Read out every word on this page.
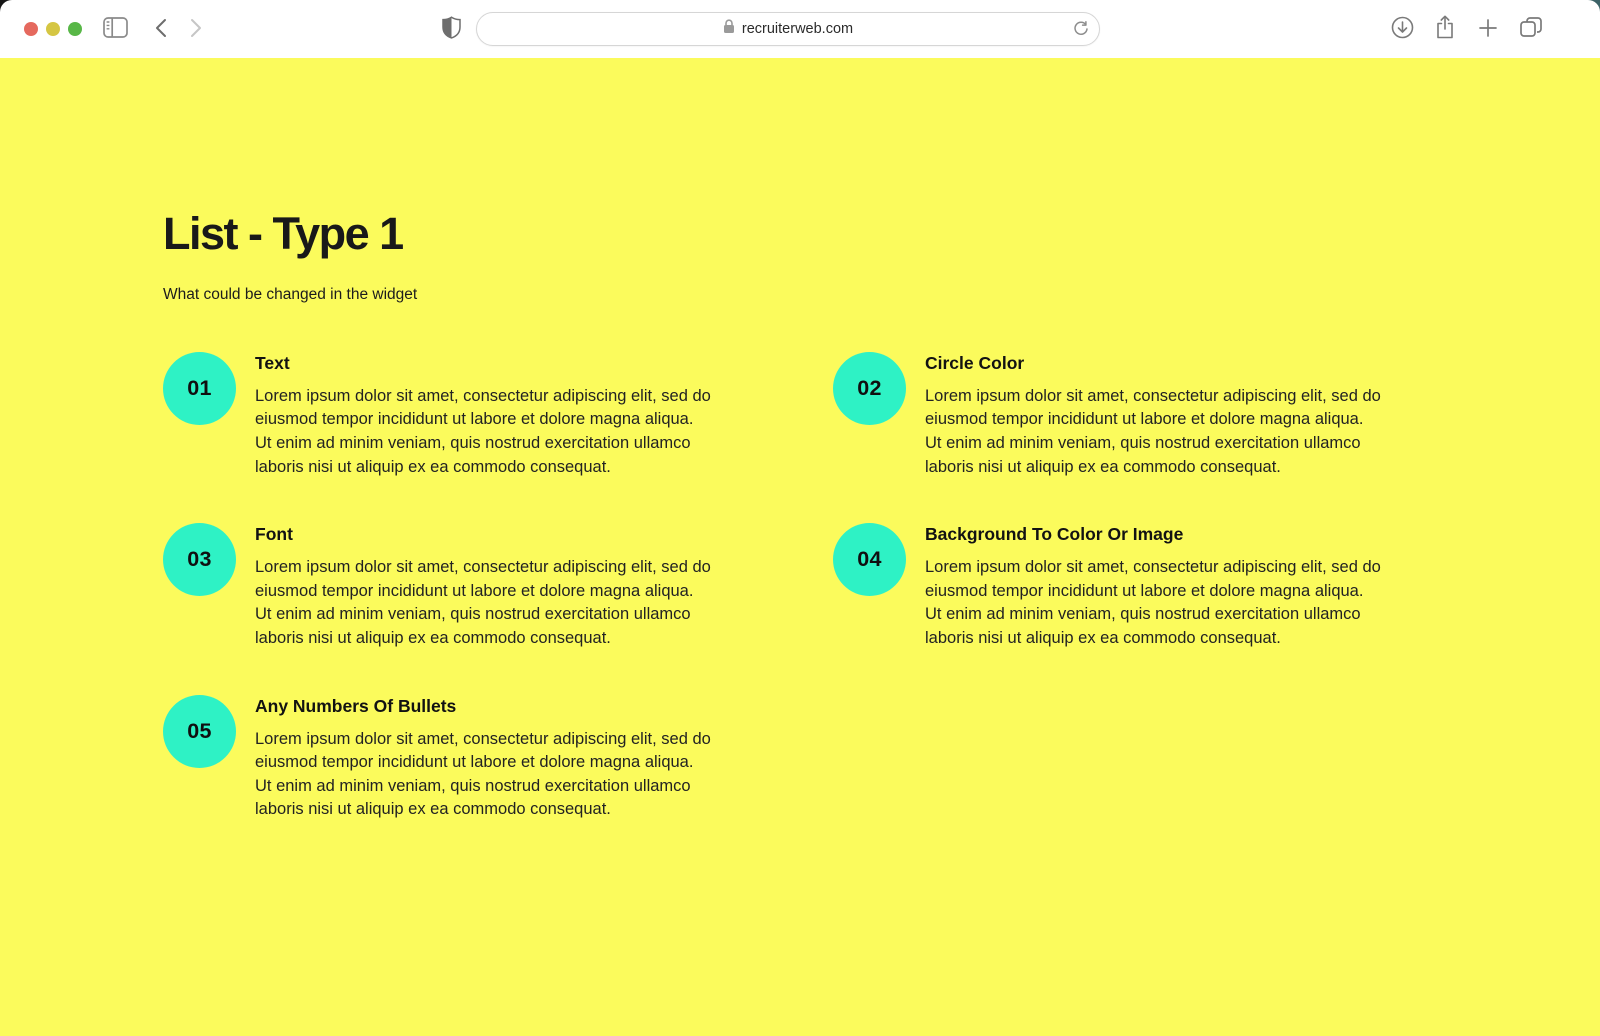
recruiterweb.com
List - Type 1

What could be changed in the widget

01
Text

Lorem ipsum dolor sit amet, consectetur adipiscing elit, sed do eiusmod tempor incididunt ut labore et dolore magna aliqua. Ut enim ad minim veniam, quis nostrud exercitation ullamco laboris nisi ut aliquip ex ea commodo consequat.

02
Circle Color

Lorem ipsum dolor sit amet, consectetur adipiscing elit, sed do eiusmod tempor incididunt ut labore et dolore magna aliqua. Ut enim ad minim veniam, quis nostrud exercitation ullamco laboris nisi ut aliquip ex ea commodo consequat.

03
Font

Lorem ipsum dolor sit amet, consectetur adipiscing elit, sed do eiusmod tempor incididunt ut labore et dolore magna aliqua. Ut enim ad minim veniam, quis nostrud exercitation ullamco laboris nisi ut aliquip ex ea commodo consequat.

04
Background To Color Or Image

Lorem ipsum dolor sit amet, consectetur adipiscing elit, sed do eiusmod tempor incididunt ut labore et dolore magna aliqua. Ut enim ad minim veniam, quis nostrud exercitation ullamco laboris nisi ut aliquip ex ea commodo consequat.

05
Any Numbers Of Bullets

Lorem ipsum dolor sit amet, consectetur adipiscing elit, sed do eiusmod tempor incididunt ut labore et dolore magna aliqua. Ut enim ad minim veniam, quis nostrud exercitation ullamco laboris nisi ut aliquip ex ea commodo consequat.
